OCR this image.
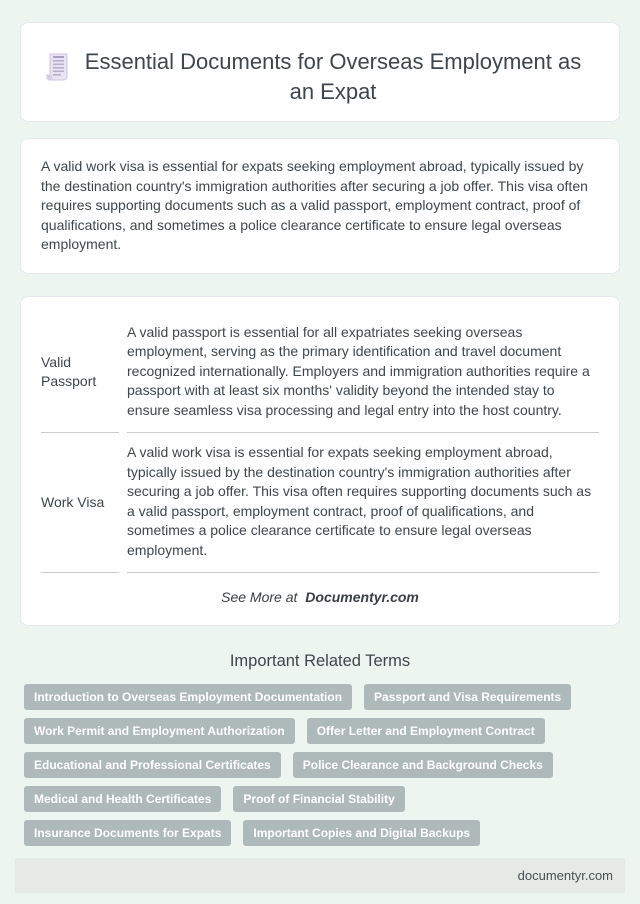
Essential Documents for Overseas Employment as an Expat

A valid work visa is essential for expats seeking employment abroad, typically issued by the destination country's immigration authorities after securing a job offer. This visa often requires supporting documents such as a valid passport, employment contract, proof of qualifications, and sometimes a police clearance certificate to ensure legal overseas employment.

Valid Passport	A valid passport is essential for all expatriates seeking overseas employment, serving as the primary identification and travel document recognized internationally. Employers and immigration authorities require a passport with at least six months' validity beyond the intended stay to ensure seamless visa processing and legal entry into the host country.
Work Visa	A valid work visa is essential for expats seeking employment abroad, typically issued by the destination country's immigration authorities after securing a job offer. This visa often requires supporting documents such as a valid passport, employment contract, proof of qualifications, and sometimes a police clearance certificate to ensure legal overseas employment.

See More at Documentyr.com

Important Related Terms
Introduction to Overseas Employment Documentation	Passport and Visa Requirements
Work Permit and Employment Authorization	Offer Letter and Employment Contract
Educational and Professional Certificates	Police Clearance and Background Checks
Medical and Health Certificates	Proof of Financial Stability
Insurance Documents for Expats	Important Copies and Digital Backups
documentyr.com
